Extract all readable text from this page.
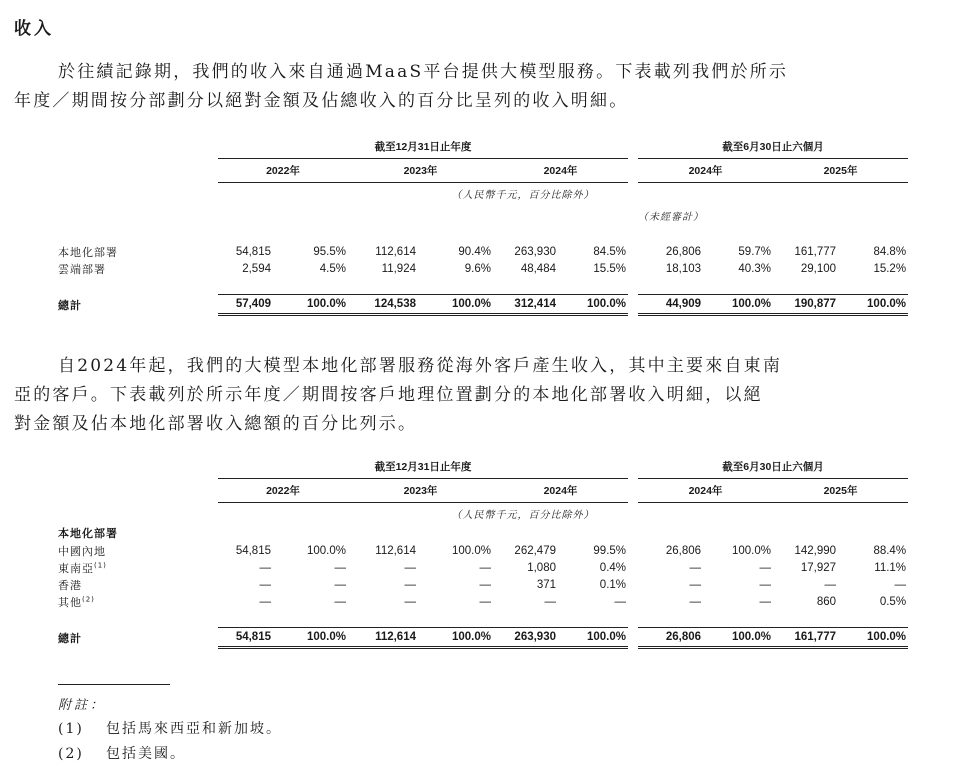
收入

於往績記錄期，我們的收入來自通過MaaS平台提供大模型服務。下表載列我們於所示
年度／期間按分部劃分以絕對金額及佔總收入的百分比呈列的收入明細。

	截至12月31日止年度							截至6月30日止六個月			
	2022年		2023年		2024年			2024年		2025年	
				（人民幣千元，百分比除外）							
								（未經審計）			

本地化部署	54,815	95.5%	112,614	90.4%	263,930	84.5%		26,806	59.7%	161,777	84.8%
雲端部署	2,594	4.5%	11,924	9.6%	48,484	15.5%		18,103	40.3%	29,100	15.2%

總計	57,409	100.0%	124,538	100.0%	312,414	100.0%		44,909	100.0%	190,877	100.0%

自2024年起，我們的大模型本地化部署服務從海外客戶產生收入，其中主要來自東南
亞的客戶。下表載列於所示年度／期間按客戶地理位置劃分的本地化部署收入明細，以絕
對金額及佔本地化部署收入總額的百分比列示。

	截至12月31日止年度							截至6月30日止六個月			
	2022年		2023年		2024年			2024年		2025年	
				（人民幣千元，百分比除外）							
本地化部署											
中國內地	54,815	100.0%	112,614	100.0%	262,479	99.5%		26,806	100.0%	142,990	88.4%
東南亞$^{(1)}$	—	—	—	—	1,080	0.4%		—	—	17,927	11.1%
香港	—	—	—	—	371	0.1%		—	—	—	—
其他$^{(2)}$	—	—	—	—	—	—		—	—	860	0.5%

總計	54,815	100.0%	112,614	100.0%	263,930	100.0%		26,806	100.0%	161,777	100.0%
附註：
(1) 包括馬來西亞和新加坡。
(2) 包括美國。
